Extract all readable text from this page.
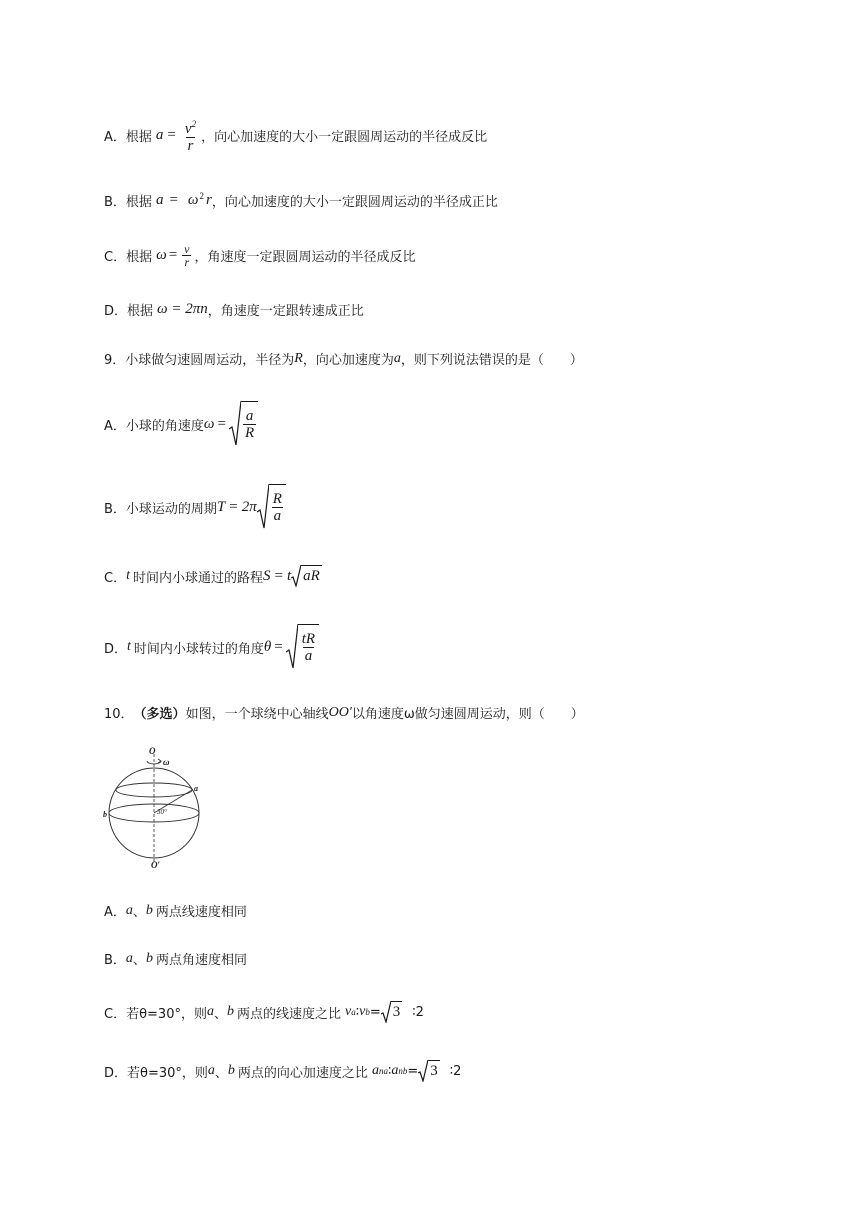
A． 根据 $a = \frac{v^2}{r}$ ，向心加速度的大小一定跟圆周运动的半径成反比
B． 根据 $a = \omega^2$ r ，向心加速度的大小一定跟圆周运动的半径成正比
C． 根据 $\omega = \frac{v}{r}$ ，角速度一定跟圆周运动的半径成反比
D． 根据 ω = 2πn ，角速度一定跟转速成正比
9．小球做匀速圆周运动，半径为 R ，向心加速度为 a ，则下列说法错误的是（　　）
A． 小球的角速度 $\omega = \frac{a}{R}$
B． 小球运动的周期 $T = 2\pi \frac{R}{a}$
C． t 时间内小球通过的路程 S = t aR
D． t 时间内小球转过的角度 $\theta = \frac{tR}{a}$
10． （多选） 如图，一个球绕中心轴线 OO′ 以角速度ω做匀速圆周运动，则（　　）
O
ω
a
b	30°
O′
A． a 、 b 两点线速度相同
B． a 、 b 两点角速度相同
C． 若θ=30°，则 a 、 b 两点的线速度之比 v a ∶ v b = 3 ∶2
D． 若θ=30°，则 a 、 b 两点的向心加速度之比 a na ∶ a nb = 3 ∶2
